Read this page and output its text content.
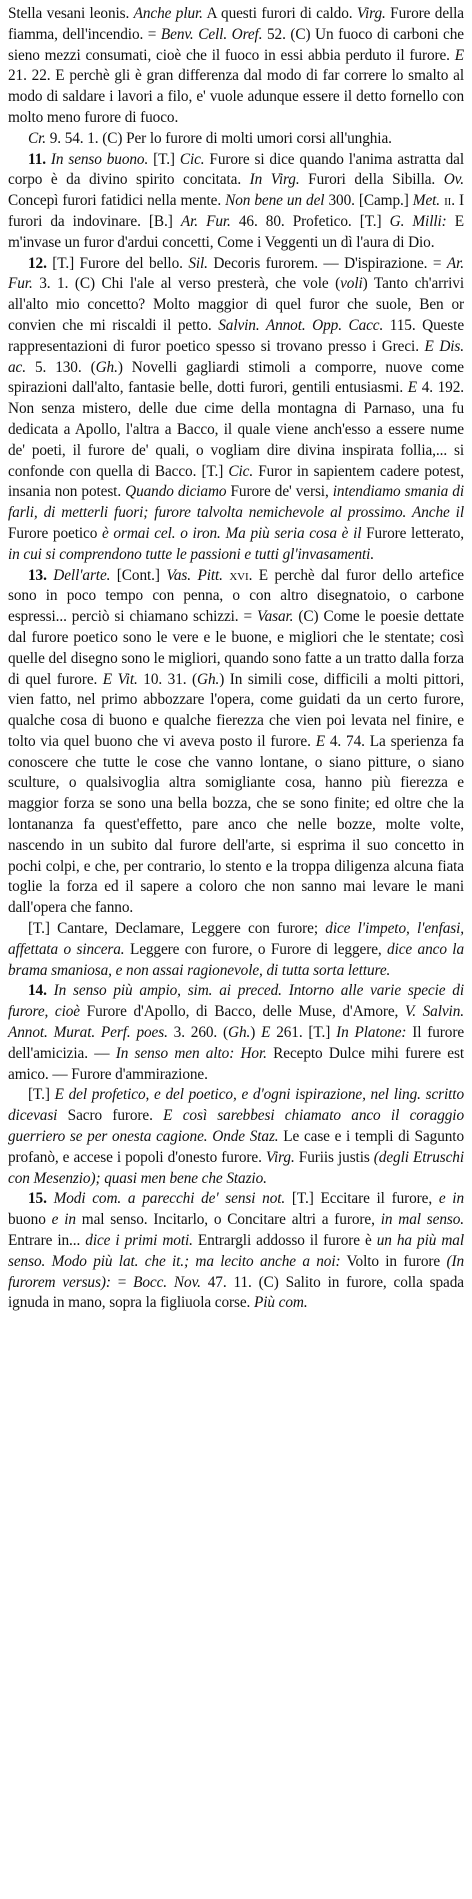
Stella vesani leonis. Anche plur. A questi furori di caldo. Virg. Furore della fiamma, dell'incendio. = Benv. Cell. Oref. 52. (C) Un fuoco di carboni che sieno mezzi consumati, cioè che il fuoco in essi abbia perduto il furore. E 21. 22. E perchè gli è gran differenza dal modo di far correre lo smalto al modo di saldare i lavori a filo, e' vuole adunque essere il detto fornello con molto meno furore di fuoco.

Cr. 9. 54. 1. (C) Per lo furore di molti umori corsi all'unghia.

11. In senso buono. [T.] Cic. Furore si dice quando l'anima astratta dal corpo è da divino spirito concitata. In Virg. Furori della Sibilla. Ov. Concepì furori fatidici nella mente. Non bene un del 300. [Camp.] Met. ii. I furori da indovinare. [B.] Ar. Fur. 46. 80. Profetico. [T.] G. Milli: E m'invase un furor d'ardui concetti, Come i Veggenti un dì l'aura di Dio.

12. [T.] Furore del bello. Sil. Decoris furorem. — D'ispirazione. = Ar. Fur. 3. 1. (C) Chi l'ale al verso presterà, che vole (voli) Tanto ch'arrivi all'alto mio concetto? Molto maggior di quel furor che suole, Ben or convien che mi riscaldi il petto. Salvin. Annot. Opp. Cacc. 115. Queste rappresentazioni di furor poetico spesso si trovano presso i Greci. E Dis. ac. 5. 130. (Gh.) Novelli gagliardi stimoli a comporre, nuove come spirazioni dall'alto, fantasie belle, dotti furori, gentili entusiasmi. E 4. 192. Non senza mistero, delle due cime della montagna di Parnaso, una fu dedicata a Apollo, l'altra a Bacco, il quale viene anch'esso a essere nume de' poeti, il furore de' quali, o vogliam dire divina inspirata follia,... si confonde con quella di Bacco. [T.] Cic. Furor in sapientem cadere potest, insania non potest. Quando diciamo Furore de' versi, intendiamo smania di farli, di metterli fuori; furore talvolta nemichevole al prossimo. Anche il Furore poetico è ormai cel. o iron. Ma più seria cosa è il Furore letterato, in cui si comprendono tutte le passioni e tutti gl'invasamenti.

13. Dell'arte. [Cont.] Vas. Pitt. xvi. E perchè dal furor dello artefice sono in poco tempo con penna, o con altro disegnatoio, o carbone espressi... perciò si chiamano schizzi. = Vasar. (C) Come le poesie dettate dal furore poetico sono le vere e le buone, e migliori che le stentate; così quelle del disegno sono le migliori, quando sono fatte a un tratto dalla forza di quel furore. E Vit. 10. 31. (Gh.) In simili cose, difficili a molti pittori, vien fatto, nel primo abbozzare l'opera, come guidati da un certo furore, qualche cosa di buono e qualche fierezza che vien poi levata nel finire, e tolto via quel buono che vi aveva posto il furore. E 4. 74. La sperienza fa conoscere che tutte le cose che vanno lontane, o siano pitture, o siano sculture, o qualsivoglia altra somigliante cosa, hanno più fierezza e maggior forza se sono una bella bozza, che se sono finite; ed oltre che la lontananza fa quest'effetto, pare anco che nelle bozze, molte volte, nascendo in un subito dal furore dell'arte, si esprima il suo concetto in pochi colpi, e che, per contrario, lo stento e la troppa diligenza alcuna fiata toglie la forza ed il sapere a coloro che non sanno mai levare le mani dall'opera che fanno.

[T.] Cantare, Declamare, Leggere con furore; dice l'impeto, l'enfasi, affettata o sincera. Leggere con furore, o Furore di leggere, dice anco la brama smaniosa, e non assai ragionevole, di tutta sorta letture.

14. In senso più ampio, sim. ai preced. Intorno alle varie specie di furore, cioè Furore d'Apollo, di Bacco, delle Muse, d'Amore, V. Salvin. Annot. Murat. Perf. poes. 3. 260. (Gh.) E 261. [T.] In Platone: Il furore dell'amicizia. — In senso men alto: Hor. Recepto Dulce mihi furere est amico. — Furore d'ammirazione.

[T.] E del profetico, e del poetico, e d'ogni ispirazione, nel ling. scritto dicevasi Sacro furore. E così sarebbesi chiamato anco il coraggio guerriero se per onesta cagione. Onde Staz. Le case e i templi di Sagunto profanò, e accese i popoli d'onesto furore. Virg. Furiis justis (degli Etruschi con Mesenzio); quasi men bene che Stazio.

15. Modi com. a parecchi de' sensi not. [T.] Eccitare il furore, e in buono e in mal senso. Incitarlo, o Concitare altri a furore, in mal senso. Entrare in... dice i primi moti. Entrargli addosso il furore è un ha più mal senso. Modo più lat. che it.; ma lecito anche a noi: Volto in furore (In furorem versus): = Bocc. Nov. 47. 11. (C) Salito in furore, colla spada ignuda in mano, sopra la figliuola corse. Più com.
